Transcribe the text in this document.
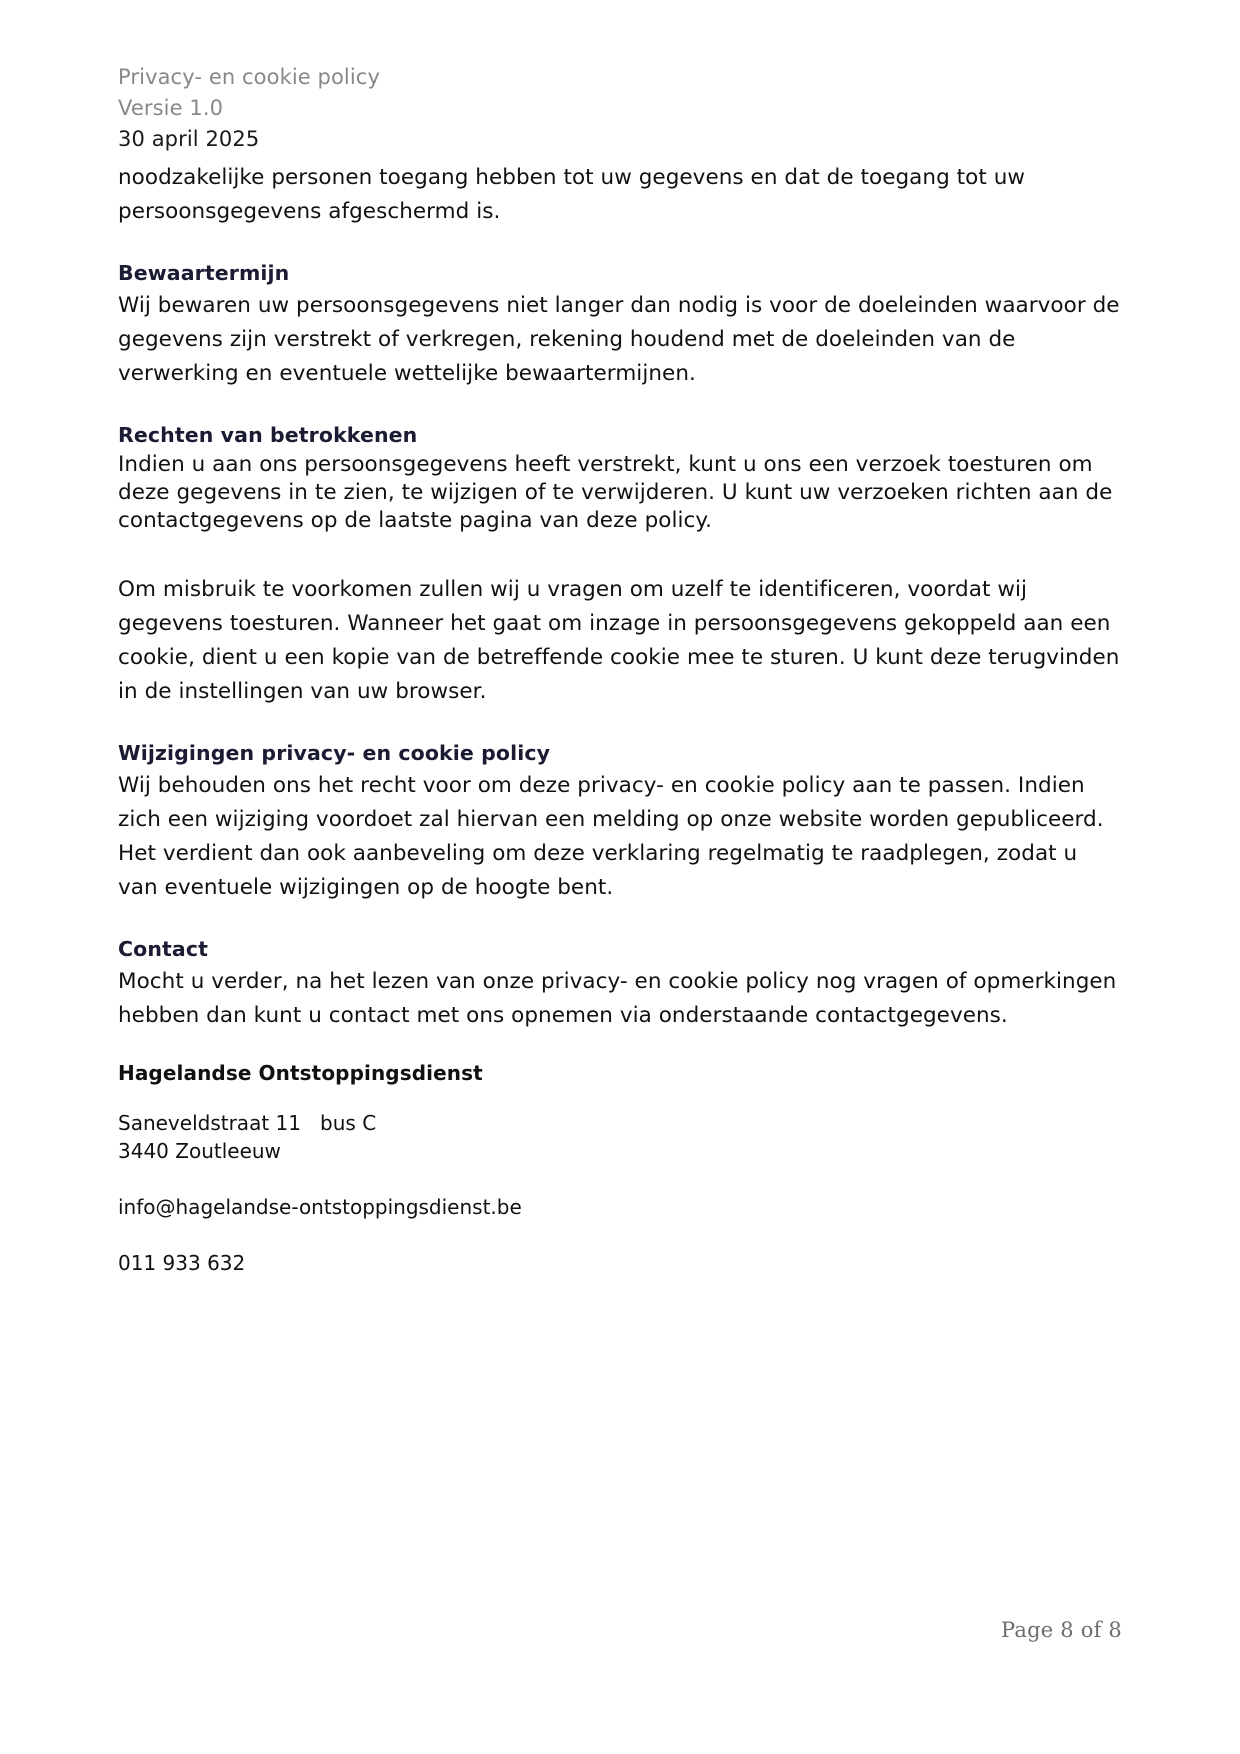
Privacy- en cookie policy
Versie 1.0
30 april 2025

noodzakelijke personen toegang hebben tot uw gegevens en dat de toegang tot uw persoonsgegevens afgeschermd is.

Bewaartermijn

Wij bewaren uw persoonsgegevens niet langer dan nodig is voor de doeleinden waarvoor de gegevens zijn verstrekt of verkregen, rekening houdend met de doeleinden van de verwerking en eventuele wettelijke bewaartermijnen.

Rechten van betrokkenen

Indien u aan ons persoonsgegevens heeft verstrekt, kunt u ons een verzoek toesturen om deze gegevens in te zien, te wijzigen of te verwijderen. U kunt uw verzoeken richten aan de contactgegevens op de laatste pagina van deze policy.

Om misbruik te voorkomen zullen wij u vragen om uzelf te identificeren, voordat wij gegevens toesturen. Wanneer het gaat om inzage in persoonsgegevens gekoppeld aan een cookie, dient u een kopie van de betreffende cookie mee te sturen. U kunt deze terugvinden in de instellingen van uw browser.

Wijzigingen privacy- en cookie policy

Wij behouden ons het recht voor om deze privacy- en cookie policy aan te passen. Indien zich een wijziging voordoet zal hiervan een melding op onze website worden gepubliceerd. Het verdient dan ook aanbeveling om deze verklaring regelmatig te raadplegen, zodat u van eventuele wijzigingen op de hoogte bent.

Contact

Mocht u verder, na het lezen van onze privacy- en cookie policy nog vragen of opmerkingen hebben dan kunt u contact met ons opnemen via onderstaande contactgegevens.

Hagelandse Ontstoppingsdienst

Saneveldstraat 11   bus C

3440 Zoutleeuw

info@hagelandse-ontstoppingsdienst.be

011 933 632

Page 8 of 8
